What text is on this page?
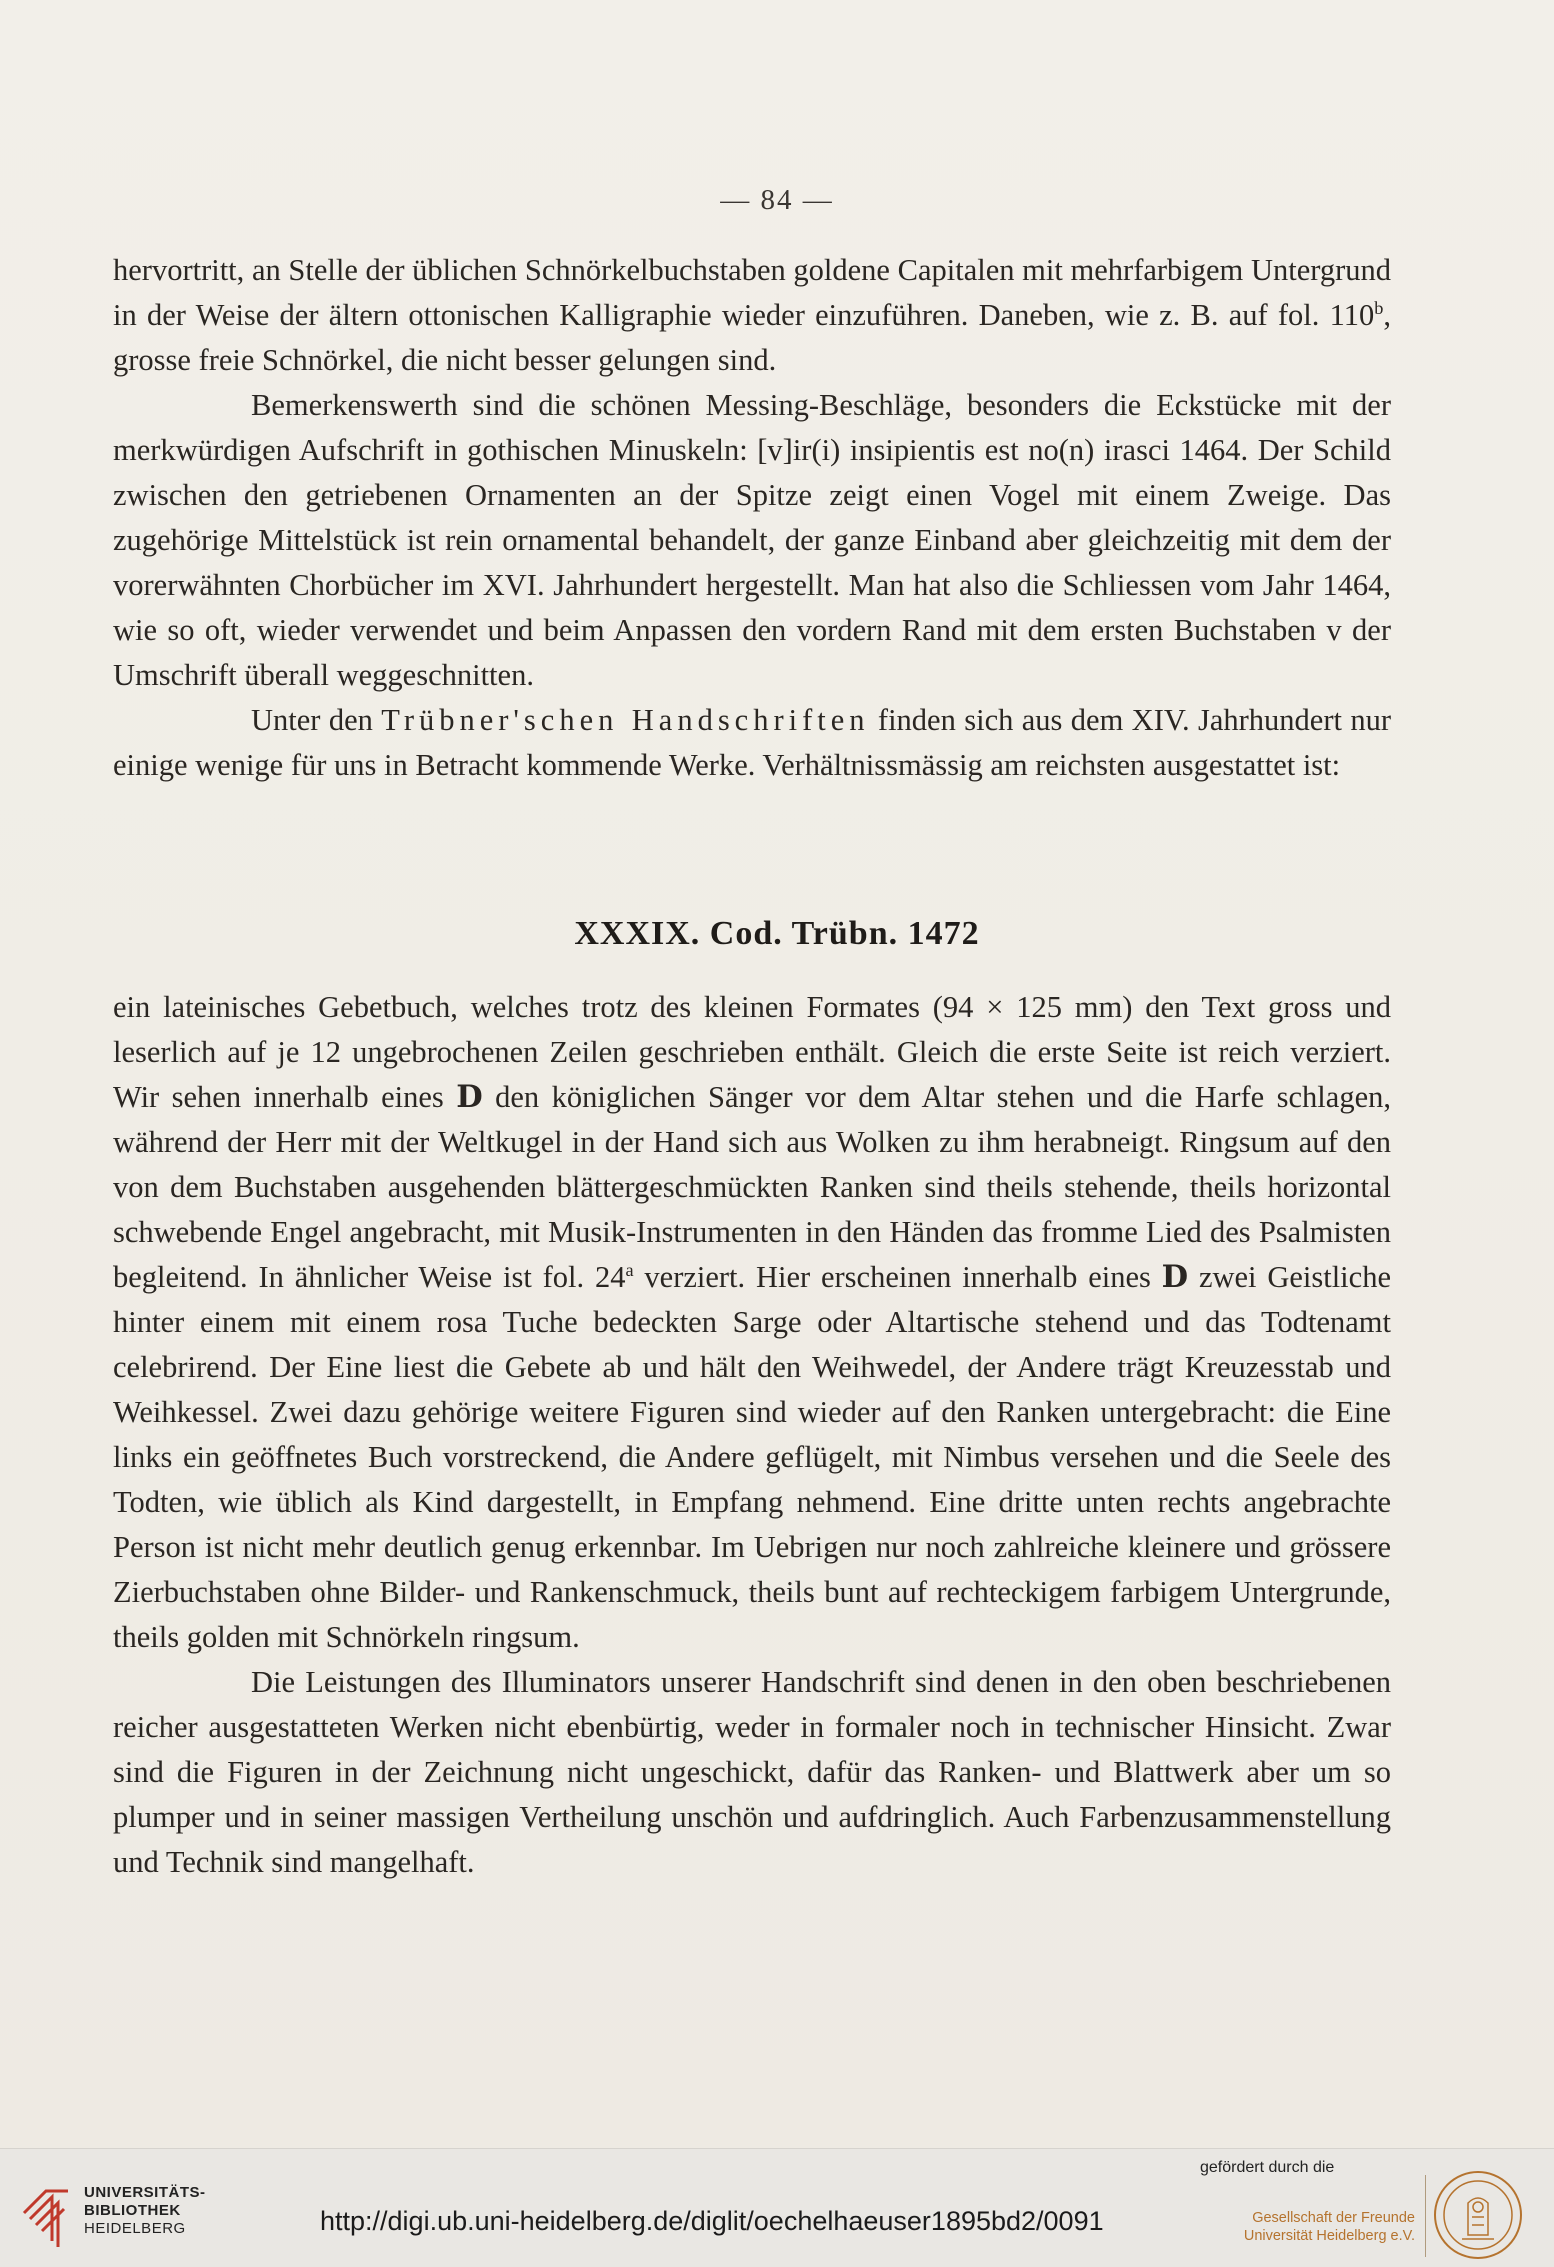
— 84 —

hervortritt, an Stelle der üblichen Schnörkelbuchstaben goldene Capitalen mit mehrfarbigem Untergrund in der Weise der ältern ottonischen Kalligraphie wieder einzuführen. Daneben, wie z. B. auf fol. 110$^b$, grosse freie Schnörkel, die nicht besser gelungen sind.

Bemerkenswerth sind die schönen Messing-Beschläge, besonders die Eckstücke mit der merkwürdigen Aufschrift in gothischen Minuskeln: [v]ir(i) insipientis est no(n) irasci 1464. Der Schild zwischen den getriebenen Ornamenten an der Spitze zeigt einen Vogel mit einem Zweige. Das zugehörige Mittelstück ist rein ornamental behandelt, der ganze Einband aber gleichzeitig mit dem der vorerwähnten Chorbücher im XVI. Jahrhundert hergestellt. Man hat also die Schliessen vom Jahr 1464, wie so oft, wieder verwendet und beim Anpassen den vordern Rand mit dem ersten Buchstaben v der Umschrift überall weggeschnitten.

Unter den Trübner'schen Handschriften finden sich aus dem XIV. Jahrhundert nur einige wenige für uns in Betracht kommende Werke. Verhältnissmässig am reichsten ausgestattet ist:

XXXIX. Cod. Trübn. 1472

ein lateinisches Gebetbuch, welches trotz des kleinen Formates (94 × 125 mm) den Text gross und leserlich auf je 12 ungebrochenen Zeilen geschrieben enthält. Gleich die erste Seite ist reich verziert. Wir sehen innerhalb eines D den königlichen Sänger vor dem Altar stehen und die Harfe schlagen, während der Herr mit der Weltkugel in der Hand sich aus Wolken zu ihm herabneigt. Ringsum auf den von dem Buchstaben ausgehenden blättergeschmückten Ranken sind theils stehende, theils horizontal schwebende Engel angebracht, mit Musik-Instrumenten in den Händen das fromme Lied des Psalmisten begleitend. In ähnlicher Weise ist fol. 24$^a$ verziert. Hier erscheinen innerhalb eines D zwei Geistliche hinter einem mit einem rosa Tuche bedeckten Sarge oder Altartische stehend und das Todtenamt celebrirend. Der Eine liest die Gebete ab und hält den Weihwedel, der Andere trägt Kreuzesstab und Weihkessel. Zwei dazu gehörige weitere Figuren sind wieder auf den Ranken untergebracht: die Eine links ein geöffnetes Buch vorstreckend, die Andere geflügelt, mit Nimbus versehen und die Seele des Todten, wie üblich als Kind dargestellt, in Empfang nehmend. Eine dritte unten rechts angebrachte Person ist nicht mehr deutlich genug erkennbar. Im Uebrigen nur noch zahlreiche kleinere und grössere Zierbuchstaben ohne Bilder- und Rankenschmuck, theils bunt auf rechteckigem farbigem Untergrunde, theils golden mit Schnörkeln ringsum.

Die Leistungen des Illuminators unserer Handschrift sind denen in den oben beschriebenen reicher ausgestatteten Werken nicht ebenbürtig, weder in formaler noch in technischer Hinsicht. Zwar sind die Figuren in der Zeichnung nicht ungeschickt, dafür das Ranken- und Blattwerk aber um so plumper und in seiner massigen Vertheilung unschön und aufdringlich. Auch Farbenzusammenstellung und Technik sind mangelhaft.

UNIVERSITÄTS-
BIBLIOTHEK
HEIDELBERG	http://digi.ub.uni-heidelberg.de/diglit/oechelhaeuser1895bd2/0091
gefördert durch die
Gesellschaft der Freunde
Universität Heidelberg e.V.
